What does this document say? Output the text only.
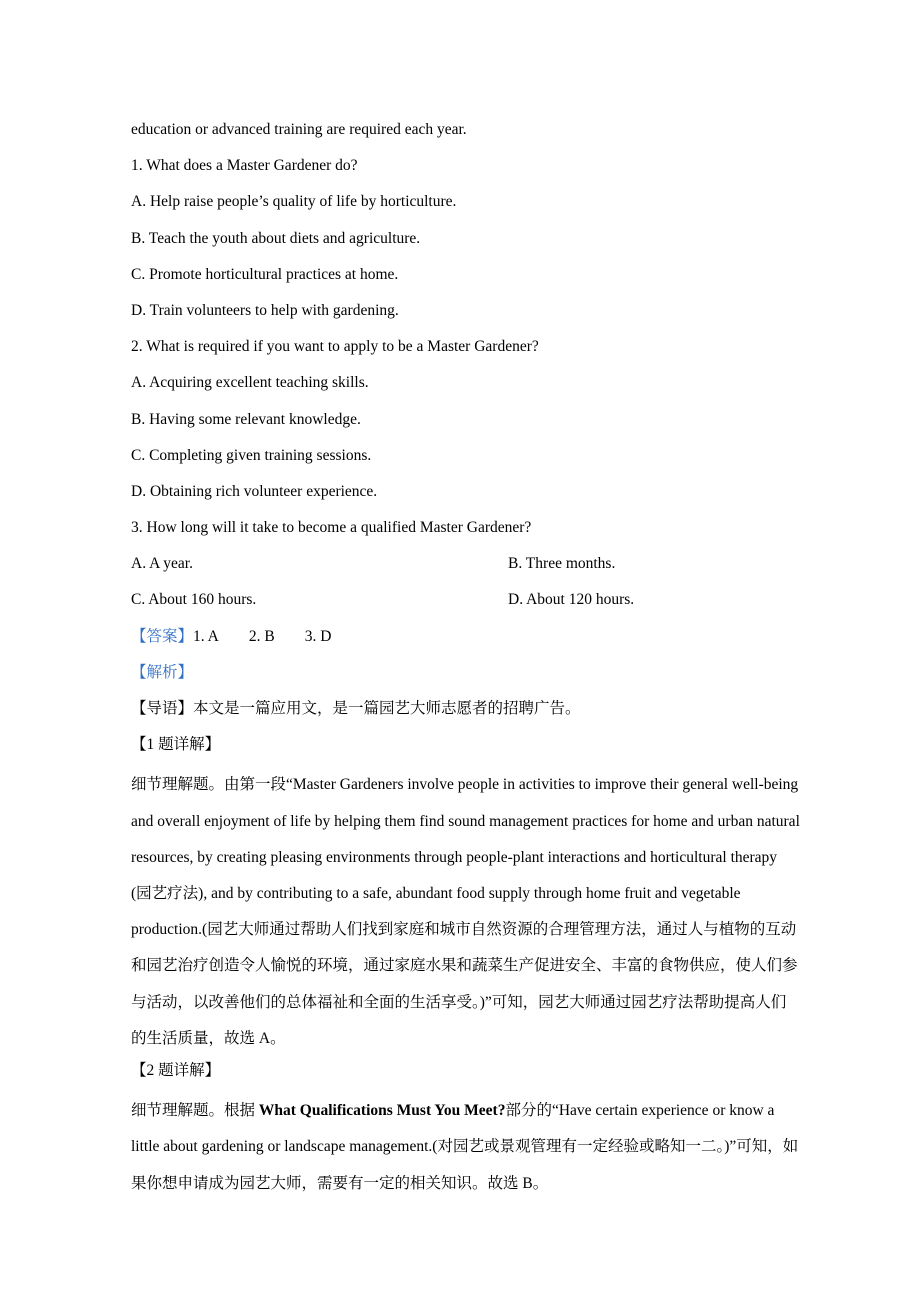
education or advanced training are required each year.
1. What does a Master Gardener do?
A. Help raise people’s quality of life by horticulture.
B. Teach the youth about diets and agriculture.
C. Promote horticultural practices at home.
D. Train volunteers to help with gardening.
2. What is required if you want to apply to be a Master Gardener?
A. Acquiring excellent teaching skills.
B. Having some relevant knowledge.
C. Completing given training sessions.
D. Obtaining rich volunteer experience.
3. How long will it take to become a qualified Master Gardener?
A. A year.	B. Three months.
C. About 160 hours.	D. About 120 hours.
【答案】1. A 2. B 3. D
【解析】
【导语】本文是一篇应用文，是一篇园艺大师志愿者的招聘广告。
【1 题详解】
细节理解题。由第一段“Master Gardeners involve people in activities to improve their general well-being and overall enjoyment of life by helping them find sound management practices for home and urban natural resources, by creating pleasing environments through people-plant interactions and horticultural therapy (园艺疗法), and by contributing to a safe, abundant food supply through home fruit and vegetable production.(园艺大师通过帮助人们找到家庭和城市自然资源的合理管理方法，通过人与植物的互动和园艺治疗创造令人愉悦的环境，通过家庭水果和蔬菜生产促进安全、丰富的食物供应，使人们参与活动，以改善他们的总体福祉和全面的生活享受。)”可知，园艺大师通过园艺疗法帮助提高人们的生活质量，故选 A。
【2 题详解】
细节理解题。根据 What Qualifications Must You Meet?部分的“Have certain experience or know a little about gardening or landscape management.(对园艺或景观管理有一定经验或略知一二。)”可知，如果你想申请成为园艺大师，需要有一定的相关知识。故选 B。
